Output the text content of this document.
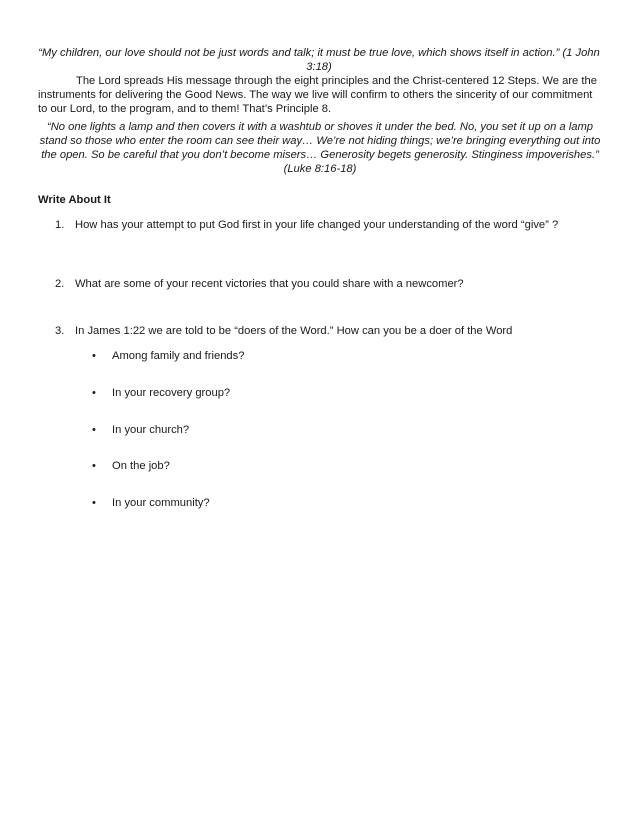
“My children, our love should not be just words and talk; it must be true love, which shows itself in action.” (1 John 3:18)
The Lord spreads His message through the eight principles and the Christ-centered 12 Steps. We are the instruments for delivering the Good News. The way we live will confirm to others the sincerity of our commitment to our Lord, to the program, and to them! That’s Principle 8.
“No one lights a lamp and then covers it with a washtub or shoves it under the bed. No, you set it up on a lamp stand so those who enter the room can see their way… We’re not hiding things; we’re bringing everything out into the open. So be careful that you don’t become misers… Generosity begets generosity. Stinginess impoverishes.” (Luke 8:16-18)
Write About It
1. How has your attempt to put God first in your life changed your understanding of the word “give” ?
2. What are some of your recent victories that you could share with a newcomer?
3. In James 1:22 we are told to be “doers of the Word.” How can you be a doer of the Word
• Among family and friends?
• In your recovery group?
• In your church?
• On the job?
• In your community?
